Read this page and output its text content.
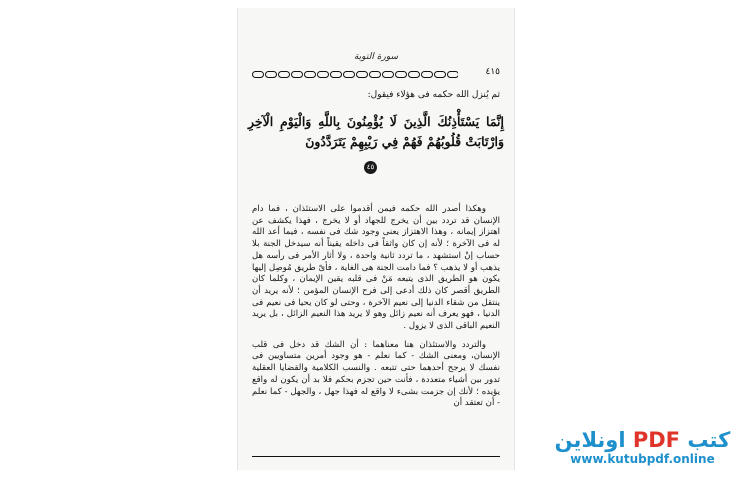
سورة التوبة
٤١٥
ثم يُنزل الله حكمه فى هؤلاء فيقول:
إِنَّمَا يَسْتَأْذِنُكَ الَّذِينَ لَا يُؤْمِنُونَ بِاللَّهِ وَالْيَوْمِ الْآخِرِ وَارْتَابَتْ قُلُوبُهُمْ فَهُمْ فِي رَيْبِهِمْ يَتَرَدَّدُونَ
٤٥

وهكذا أصدر الله حكمه فيمن أقدموا على الاستئذان ، فما دام الإنسان قد تردد بين أن يخرج للجهاد أو لا يخرج ، فهذا يكشف عن اهتزاز إيمانه ، وهذا الاهتزاز يعنى وجود شك فى نفسه ، فيما أعد الله له فى الآخرة ؛ لأنه إن كان واثقاً فى داخله يقيناً أنه سيدخل الجنة بلا حساب إنْ استشهد ، ما تردد ثانية واحدة ، ولا أثار الأمر فى رأسه هل يذهب أو لا يذهب ؟ فما دامت الجنة هى الغاية ، فأىّ طريق مُوصِل إليها يكون هو الطريق الذى يتبعه مَنْ فى قلبه يقين الإيمان ، وكلما كان الطريق أقصر كان ذلك أدعى إلى فرح الإنسان المؤمن ؛ لأنه يريد أن ينتقل من شقاء الدنيا إلى نعيم الآخرة ، وحتى لو كان يحيا فى نعيم فى الدنيا ، فهو يعرف أنه نعيم زائل وهو لا يريد هذا النعيم الزائل ، بل يريد النعيم الباقى الذى لا يزول .

والتردد والاستئذان هنا معناهما : أن الشك قد دخل فى قلب الإنسان، ومعنى الشك - كما نعلم - هو وجود أمرين متساويين فى نفسك لا يرجح أحدهما حتى تتبعه . والنسب الكلامية والقضايا العقلية تدور بين أشياء متعددة ، فأنت حين تجزم بحكم فلا بد أن يكون له واقع يؤيده ؛ لأنك إن جزمت بشىء لا واقع له فهذا جهل ، والجهل - كما نعلم - أن تعتقد أن

كتب PDF اونلاين
www.kutubpdf.online
